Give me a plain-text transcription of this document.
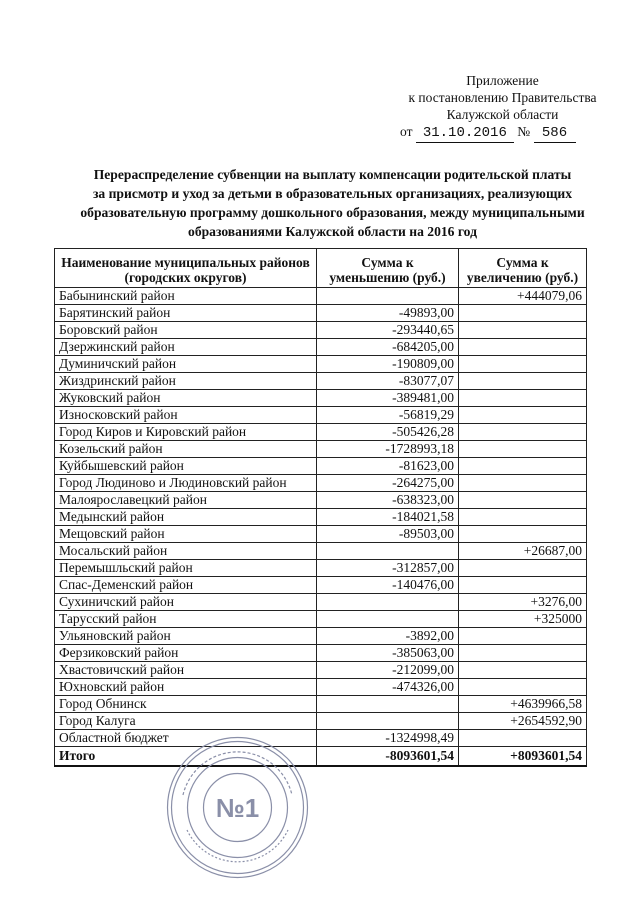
Приложение
к постановлению Правительства
Калужской области
от 31.10.2016 № 586
Перераспределение субвенции на выплату компенсации родительской платы
за присмотр и уход за детьми в образовательных организациях, реализующих
образовательную программу дошкольного образования, между муниципальными
образованиями Калужской области на 2016 год
Наименование муниципальных районов (городских округов)	Сумма к уменьшению (руб.)	Сумма к увеличению (руб.)
Бабынинский район		+444079,06
Барятинский район	-49893,00	
Боровский район	-293440,65	
Дзержинский район	-684205,00	
Думиничский район	-190809,00	
Жиздринский район	-83077,07	
Жуковский район	-389481,00	
Износковский район	-56819,29	
Город Киров и Кировский район	-505426,28	
Козельский район	-1728993,18	
Куйбышевский район	-81623,00	
Город Людиново и Людиновский район	-264275,00	
Малоярославецкий район	-638323,00	
Медынский район	-184021,58	
Мещовский район	-89503,00	
Мосальский район		+26687,00
Перемышльский район	-312857,00	
Спас-Деменский район	-140476,00	
Сухиничский район		+3276,00
Тарусский район		+325000
Ульяновский район	-3892,00	
Ферзиковский район	-385063,00	
Хвастовичский район	-212099,00	
Юхновский район	-474326,00	
Город Обнинск		+4639966,58
Город Калуга		+2654592,90
Областной бюджет	-1324998,49	
Итого	-8093601,54	+8093601,54
№1
